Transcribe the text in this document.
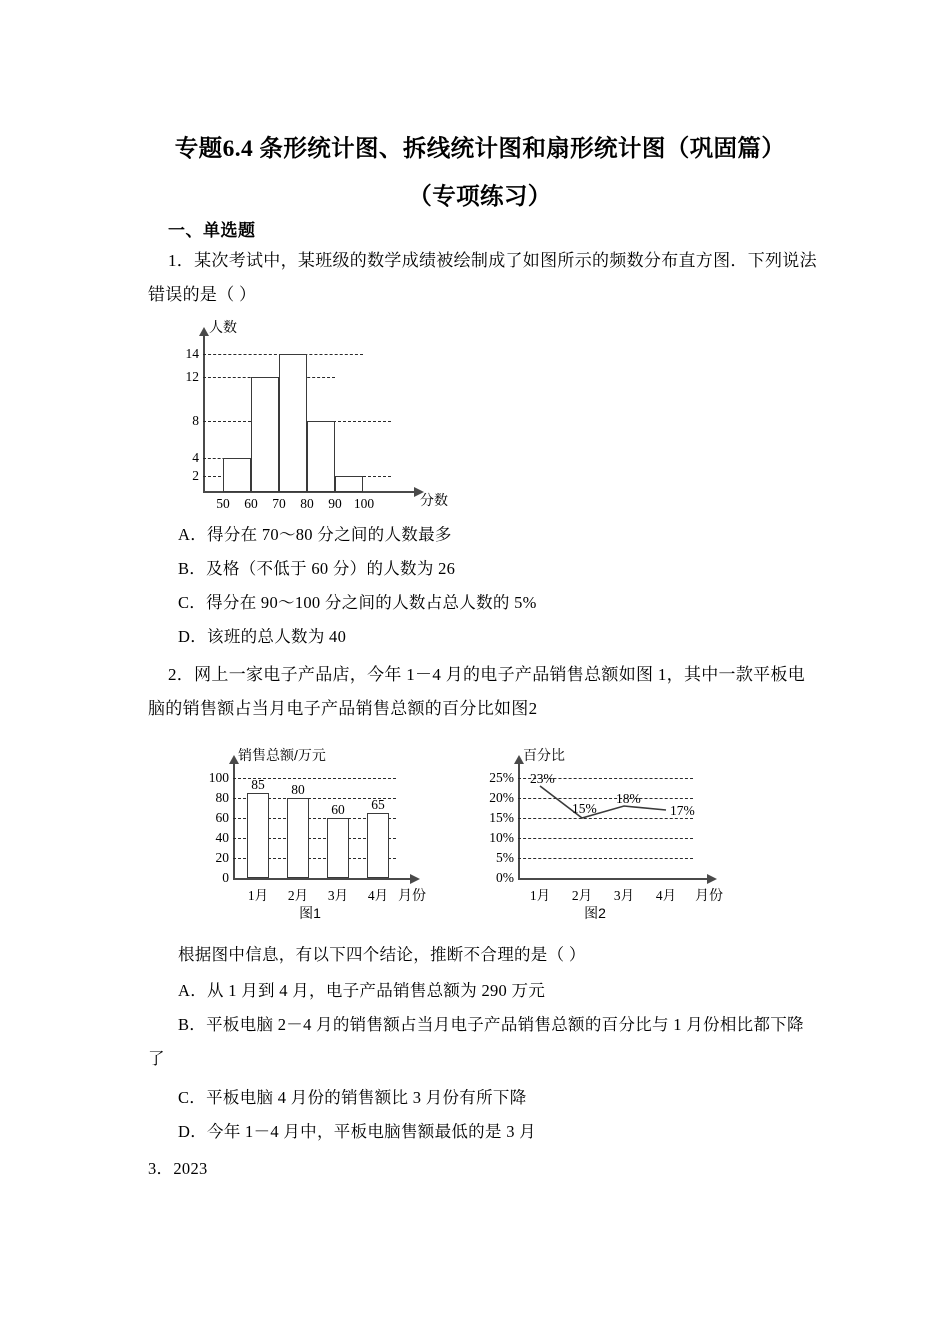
专题6.4 条形统计图、拆线统计图和扇形统计图（巩固篇）
（专项练习）
一、单选题
1．某次考试中，某班级的数学成绩被绘制成了如图所示的频数分布直方图．下列说法
错误的是（ ）
人数
分数
14
12
8
4
2
50	60	70	80	90 100
A．得分在 70～80 分之间的人数最多
B．及格（不低于 60 分）的人数为 26
C．得分在 90～100 分之间的人数占总人数的 5%
D．该班的总人数为 40
2．网上一家电子产品店，今年 1－4 月的电子产品销售总额如图 1，其中一款平板电
脑的销售额占当月电子产品销售总额的百分比如图2
销售总额/万元
月份
100
80
60
40
20
0
85	80
60	65
1月	2月	3月	4月
图1
百分比
月份
25%
20%
15%
10%
5%
0%
23%
15%
18%
17%
1月	2月	3月	4月
图2
根据图中信息，有以下四个结论，推断不合理的是（ ）
A．从 1 月到 4 月，电子产品销售总额为 290 万元
B．平板电脑 2－4 月的销售额占当月电子产品销售总额的百分比与 1 月份相比都下降
了
C．平板电脑 4 月份的销售额比 3 月份有所下降
D．今年 1－4 月中，平板电脑售额最低的是 3 月
3．2023
